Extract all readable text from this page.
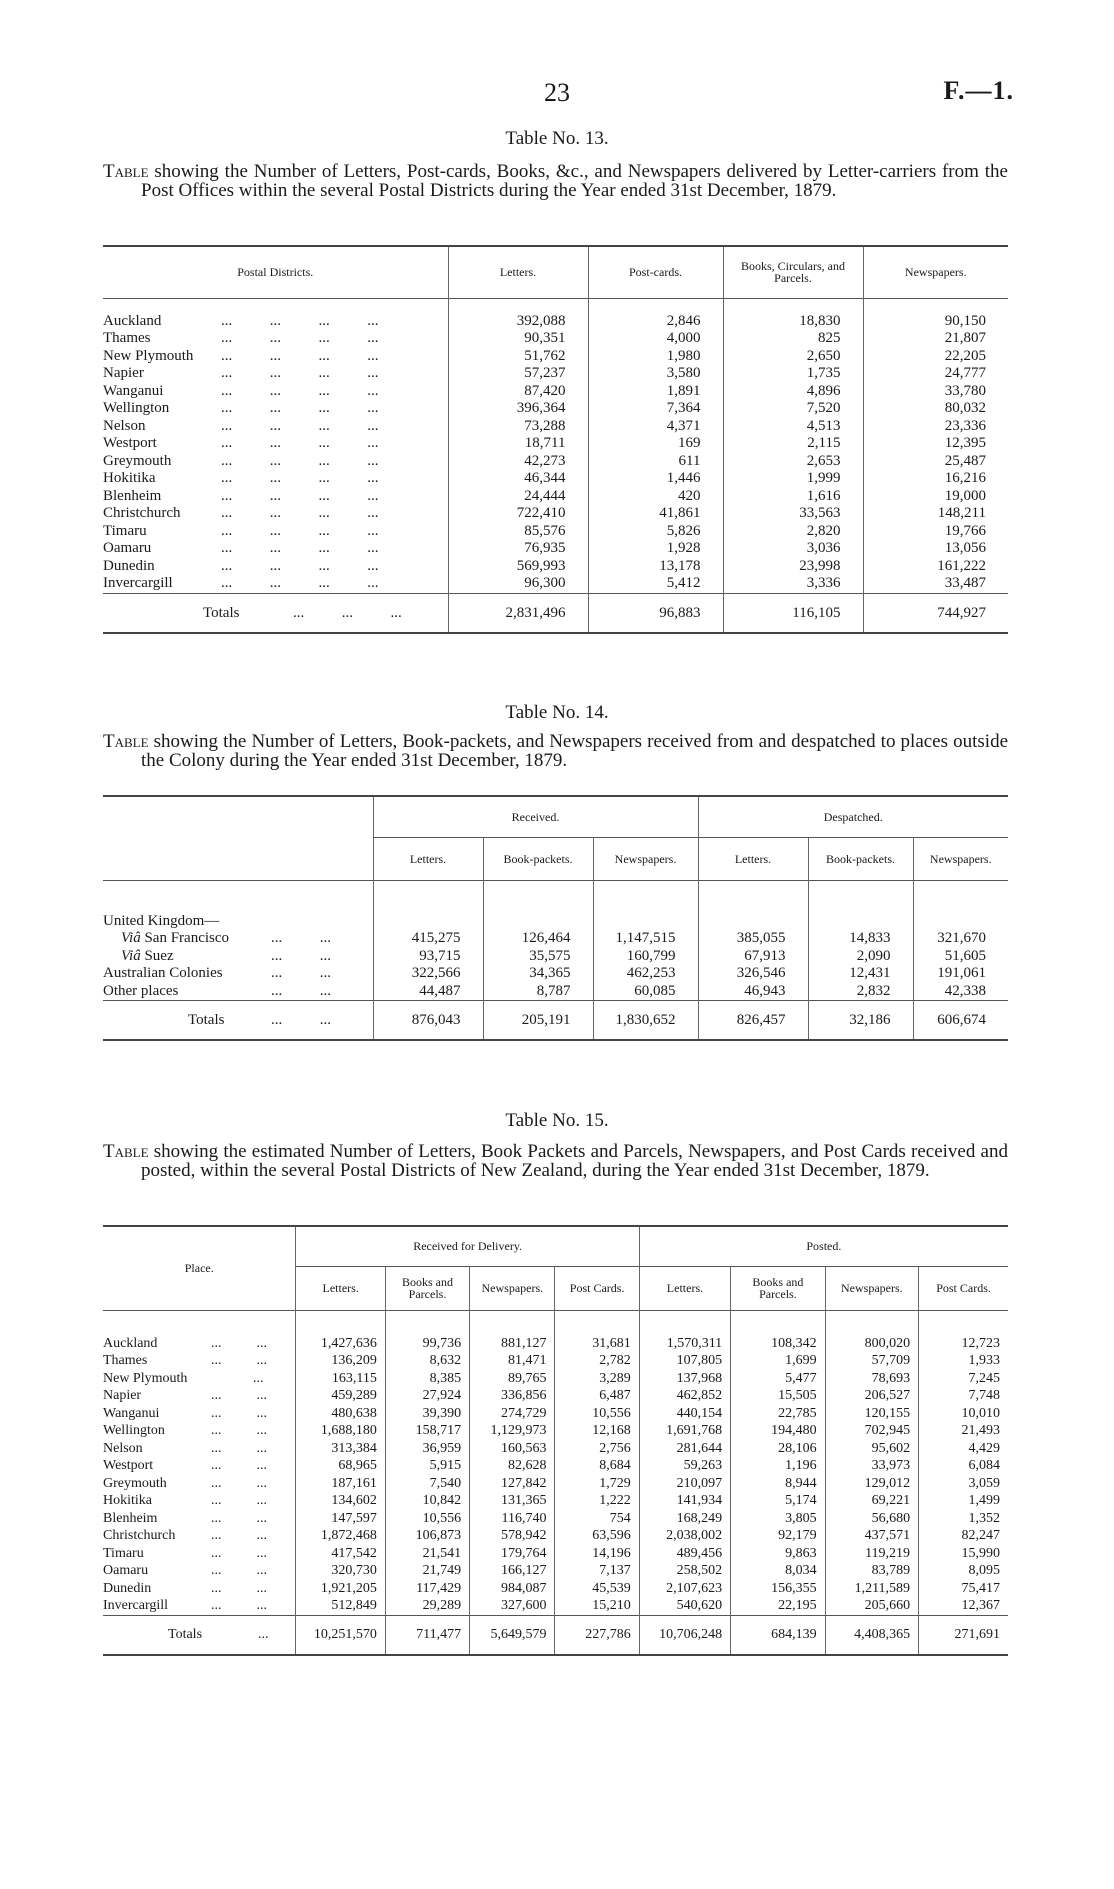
23	F.—1.
Table No. 13.
Table showing the Number of Letters, Post-cards, Books, &c., and Newspapers delivered by Letter-carriers from the Post Offices within the several Postal Districts during the Year ended 31st December, 1879.
Postal Districts.	Letters.	Post-cards.	Books, Circulars, and Parcels.	Newspapers.

Auckland ...          ...          ...          ...	392,088	2,846	18,830	90,150
Thames ...          ...          ...          ...	90,351	4,000	825	21,807
New Plymouth ...          ...          ...          ...	51,762	1,980	2,650	22,205
Napier ...          ...          ...          ...	57,237	3,580	1,735	24,777
Wanganui ...          ...          ...          ...	87,420	1,891	4,896	33,780
Wellington ...          ...          ...          ...	396,364	7,364	7,520	80,032
Nelson ...          ...          ...          ...	73,288	4,371	4,513	23,336
Westport ...          ...          ...          ...	18,711	169	2,115	12,395
Greymouth ...          ...          ...          ...	42,273	611	2,653	25,487
Hokitika ...          ...          ...          ...	46,344	1,446	1,999	16,216
Blenheim ...          ...          ...          ...	24,444	420	1,616	19,000
Christchurch ...          ...          ...          ...	722,410	41,861	33,563	148,211
Timaru ...          ...          ...          ...	85,576	5,826	2,820	19,766
Oamaru ...          ...          ...          ...	76,935	1,928	3,036	13,056
Dunedin ...          ...          ...          ...	569,993	13,178	23,998	161,222
Invercargill ...          ...          ...          ...	96,300	5,412	3,336	33,487
Totals ...          ...          ...	2,831,496	96,883	116,105	744,927
Table No. 14.
Table showing the Number of Letters, Book-packets, and Newspapers received from and despatched to places outside the Colony during the Year ended 31st December, 1879.
	Received.			Despatched.		
	Letters.	Book-packets.	Newspapers.	Letters.	Book-packets.	Newspapers.
United Kingdom—						
Viâ San Francisco ...          ...	415,275	126,464	1,147,515	385,055	14,833	321,670
Viâ Suez ...          ...	93,715	35,575	160,799	67,913	2,090	51,605
Australian Colonies ...          ...	322,566	34,365	462,253	326,546	12,431	191,061
Other places ...          ...	44,487	8,787	60,085	46,943	2,832	42,338
Totals ...          ...	876,043	205,191	1,830,652	826,457	32,186	606,674
Table No. 15.
Table showing the estimated Number of Letters, Book Packets and Parcels, Newspapers, and Post Cards received and posted, within the several Postal Districts of New Zealand, during the Year ended 31st December, 1879.
Place.	Received for Delivery.				Posted.			
	Letters.	Books and Parcels.	Newspapers.	Post Cards.	Letters.	Books and Parcels.	Newspapers.	Post Cards.

Auckland ...          ...	1,427,636	99,736	881,127	31,681	1,570,311	108,342	800,020	12,723
Thames ...          ...	136,209	8,632	81,471	2,782	107,805	1,699	57,709	1,933
New Plymouth            ...	163,115	8,385	89,765	3,289	137,968	5,477	78,693	7,245
Napier ...          ...	459,289	27,924	336,856	6,487	462,852	15,505	206,527	7,748
Wanganui ...          ...	480,638	39,390	274,729	10,556	440,154	22,785	120,155	10,010
Wellington ...          ...	1,688,180	158,717	1,129,973	12,168	1,691,768	194,480	702,945	21,493
Nelson ...          ...	313,384	36,959	160,563	2,756	281,644	28,106	95,602	4,429
Westport ...          ...	68,965	5,915	82,628	8,684	59,263	1,196	33,973	6,084
Greymouth ...          ...	187,161	7,540	127,842	1,729	210,097	8,944	129,012	3,059
Hokitika ...          ...	134,602	10,842	131,365	1,222	141,934	5,174	69,221	1,499
Blenheim ...          ...	147,597	10,556	116,740	754	168,249	3,805	56,680	1,352
Christchurch ...          ...	1,872,468	106,873	578,942	63,596	2,038,002	92,179	437,571	82,247
Timaru ...          ...	417,542	21,541	179,764	14,196	489,456	9,863	119,219	15,990
Oamaru ...          ...	320,730	21,749	166,127	7,137	258,502	8,034	83,789	8,095
Dunedin ...          ...	1,921,205	117,429	984,087	45,539	2,107,623	156,355	1,211,589	75,417
Invercargill ...          ...	512,849	29,289	327,600	15,210	540,620	22,195	205,660	12,367
Totals ...	10,251,570	711,477	5,649,579	227,786	10,706,248	684,139	4,408,365	271,691
